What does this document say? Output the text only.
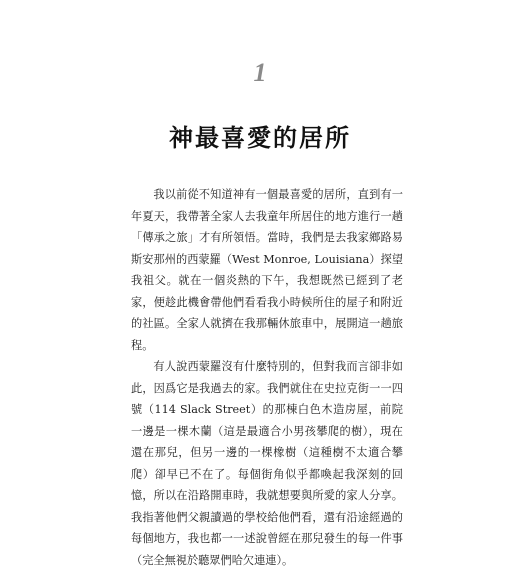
1
神最喜愛的居所

我以前從不知道神有一個最喜愛的居所，直到有一年夏天，我帶著全家人去我童年所居住的地方進行一趟「傳承之旅」才有所領悟。當時，我們是去我家鄉路易斯安那州的西蒙羅（West Monroe, Louisiana）探望我祖父。就在一個炎熱的下午，我想既然已經到了老家，便趁此機會帶他們看看我小時候所住的屋子和附近的社區。全家人就擠在我那輛休旅車中，展開這一趟旅程。

有人說西蒙羅沒有什麼特別的，但對我而言卻非如此，因爲它是我過去的家。我們就住在史拉克街一一四號（114 Slack Street）的那棟白色木造房屋，前院一邊是一棵木蘭（這是最適合小男孩攀爬的樹），現在還在那兒，但另一邊的一棵橡樹（這種樹不太適合攀爬）卻早已不在了。每個街角似乎都喚起我深刻的回憶，所以在沿路開車時，我就想要與所愛的家人分享。我指著他們父親讀過的學校給他們看，還有沿途經過的每個地方，我也都一一述說曾經在那兒發生的每一件事（完全無視於聽眾們哈欠連連）。
